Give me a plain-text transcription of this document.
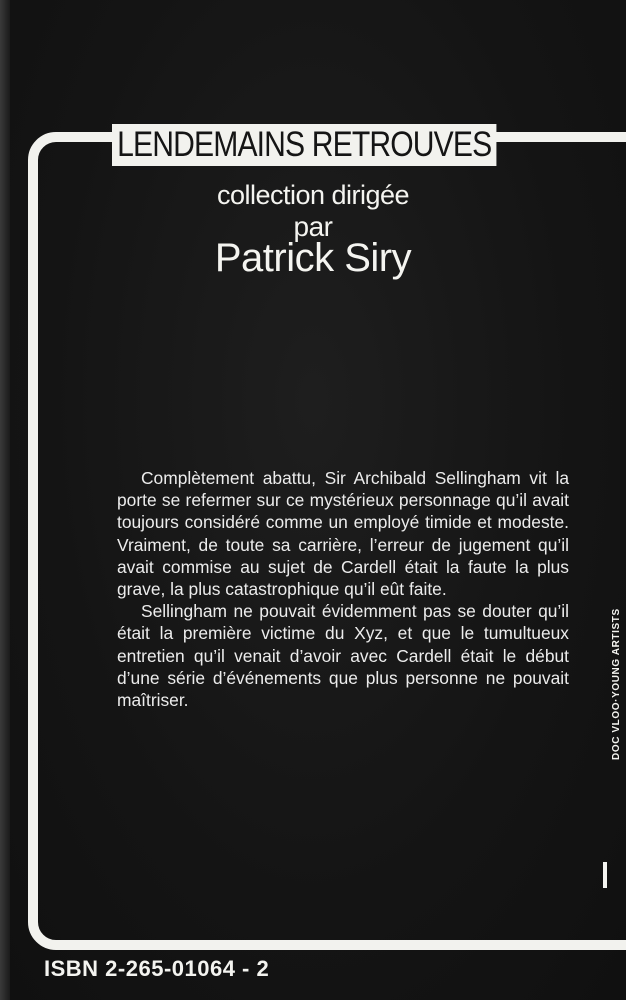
LENDEMAINS RETROUVES
collection dirigée
par
Patrick Siry

Complètement abattu, Sir Archibald Sellingham vit la porte se refermer sur ce mystérieux personnage qu’il avait toujours considéré comme un employé timide et modeste. Vraiment, de toute sa carrière, l’erreur de jugement qu’il avait commise au sujet de Cardell était la faute la plus grave, la plus catastrophique qu’il eût faite.

Sellingham ne pouvait évidemment pas se douter qu’il était la première victime du Xyz, et que le tumultueux entretien qu’il venait d’avoir avec Cardell était le début d’une série d’événements que plus personne ne pouvait maîtriser.	DOC VLOO·YOUNG ARTISTS
ISBN 2-265-01064 - 2
